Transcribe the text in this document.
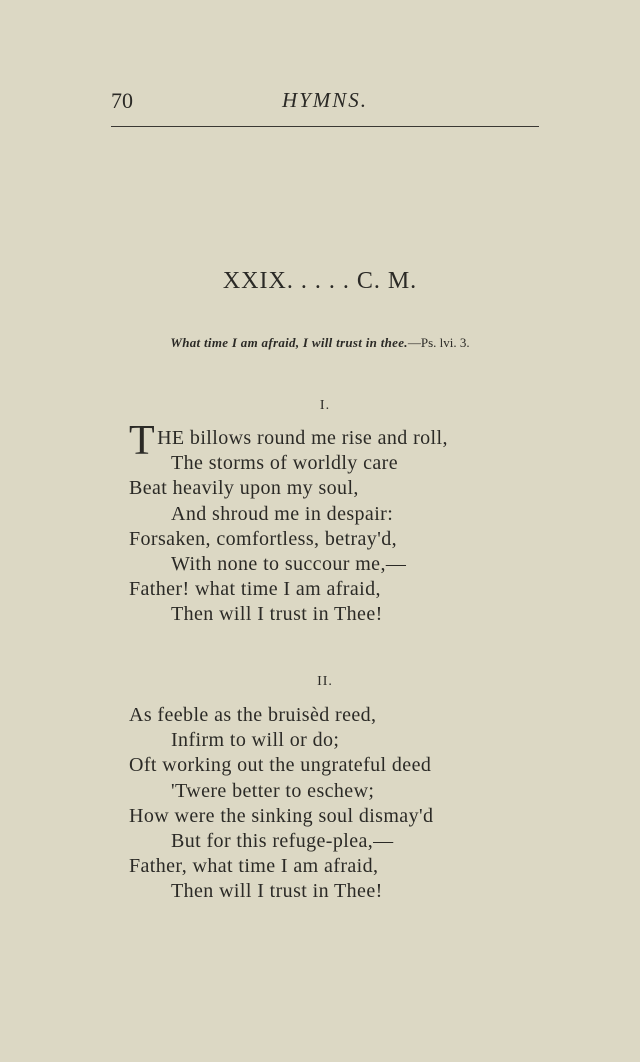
70	HYMNS.
XXIX. . . . . C. M.
What time I am afraid, I will trust in thee.—Ps. lvi. 3.
I.
THE billows round me rise and roll,
The storms of worldly care
Beat heavily upon my soul,
And shroud me in despair:
Forsaken, comfortless, betray'd,
With none to succour me,—
Father! what time I am afraid,
Then will I trust in Thee!
II.
As feeble as the bruisèd reed,
Infirm to will or do;
Oft working out the ungrateful deed
'Twere better to eschew;
How were the sinking soul dismay'd
But for this refuge-plea,—
Father, what time I am afraid,
Then will I trust in Thee!
